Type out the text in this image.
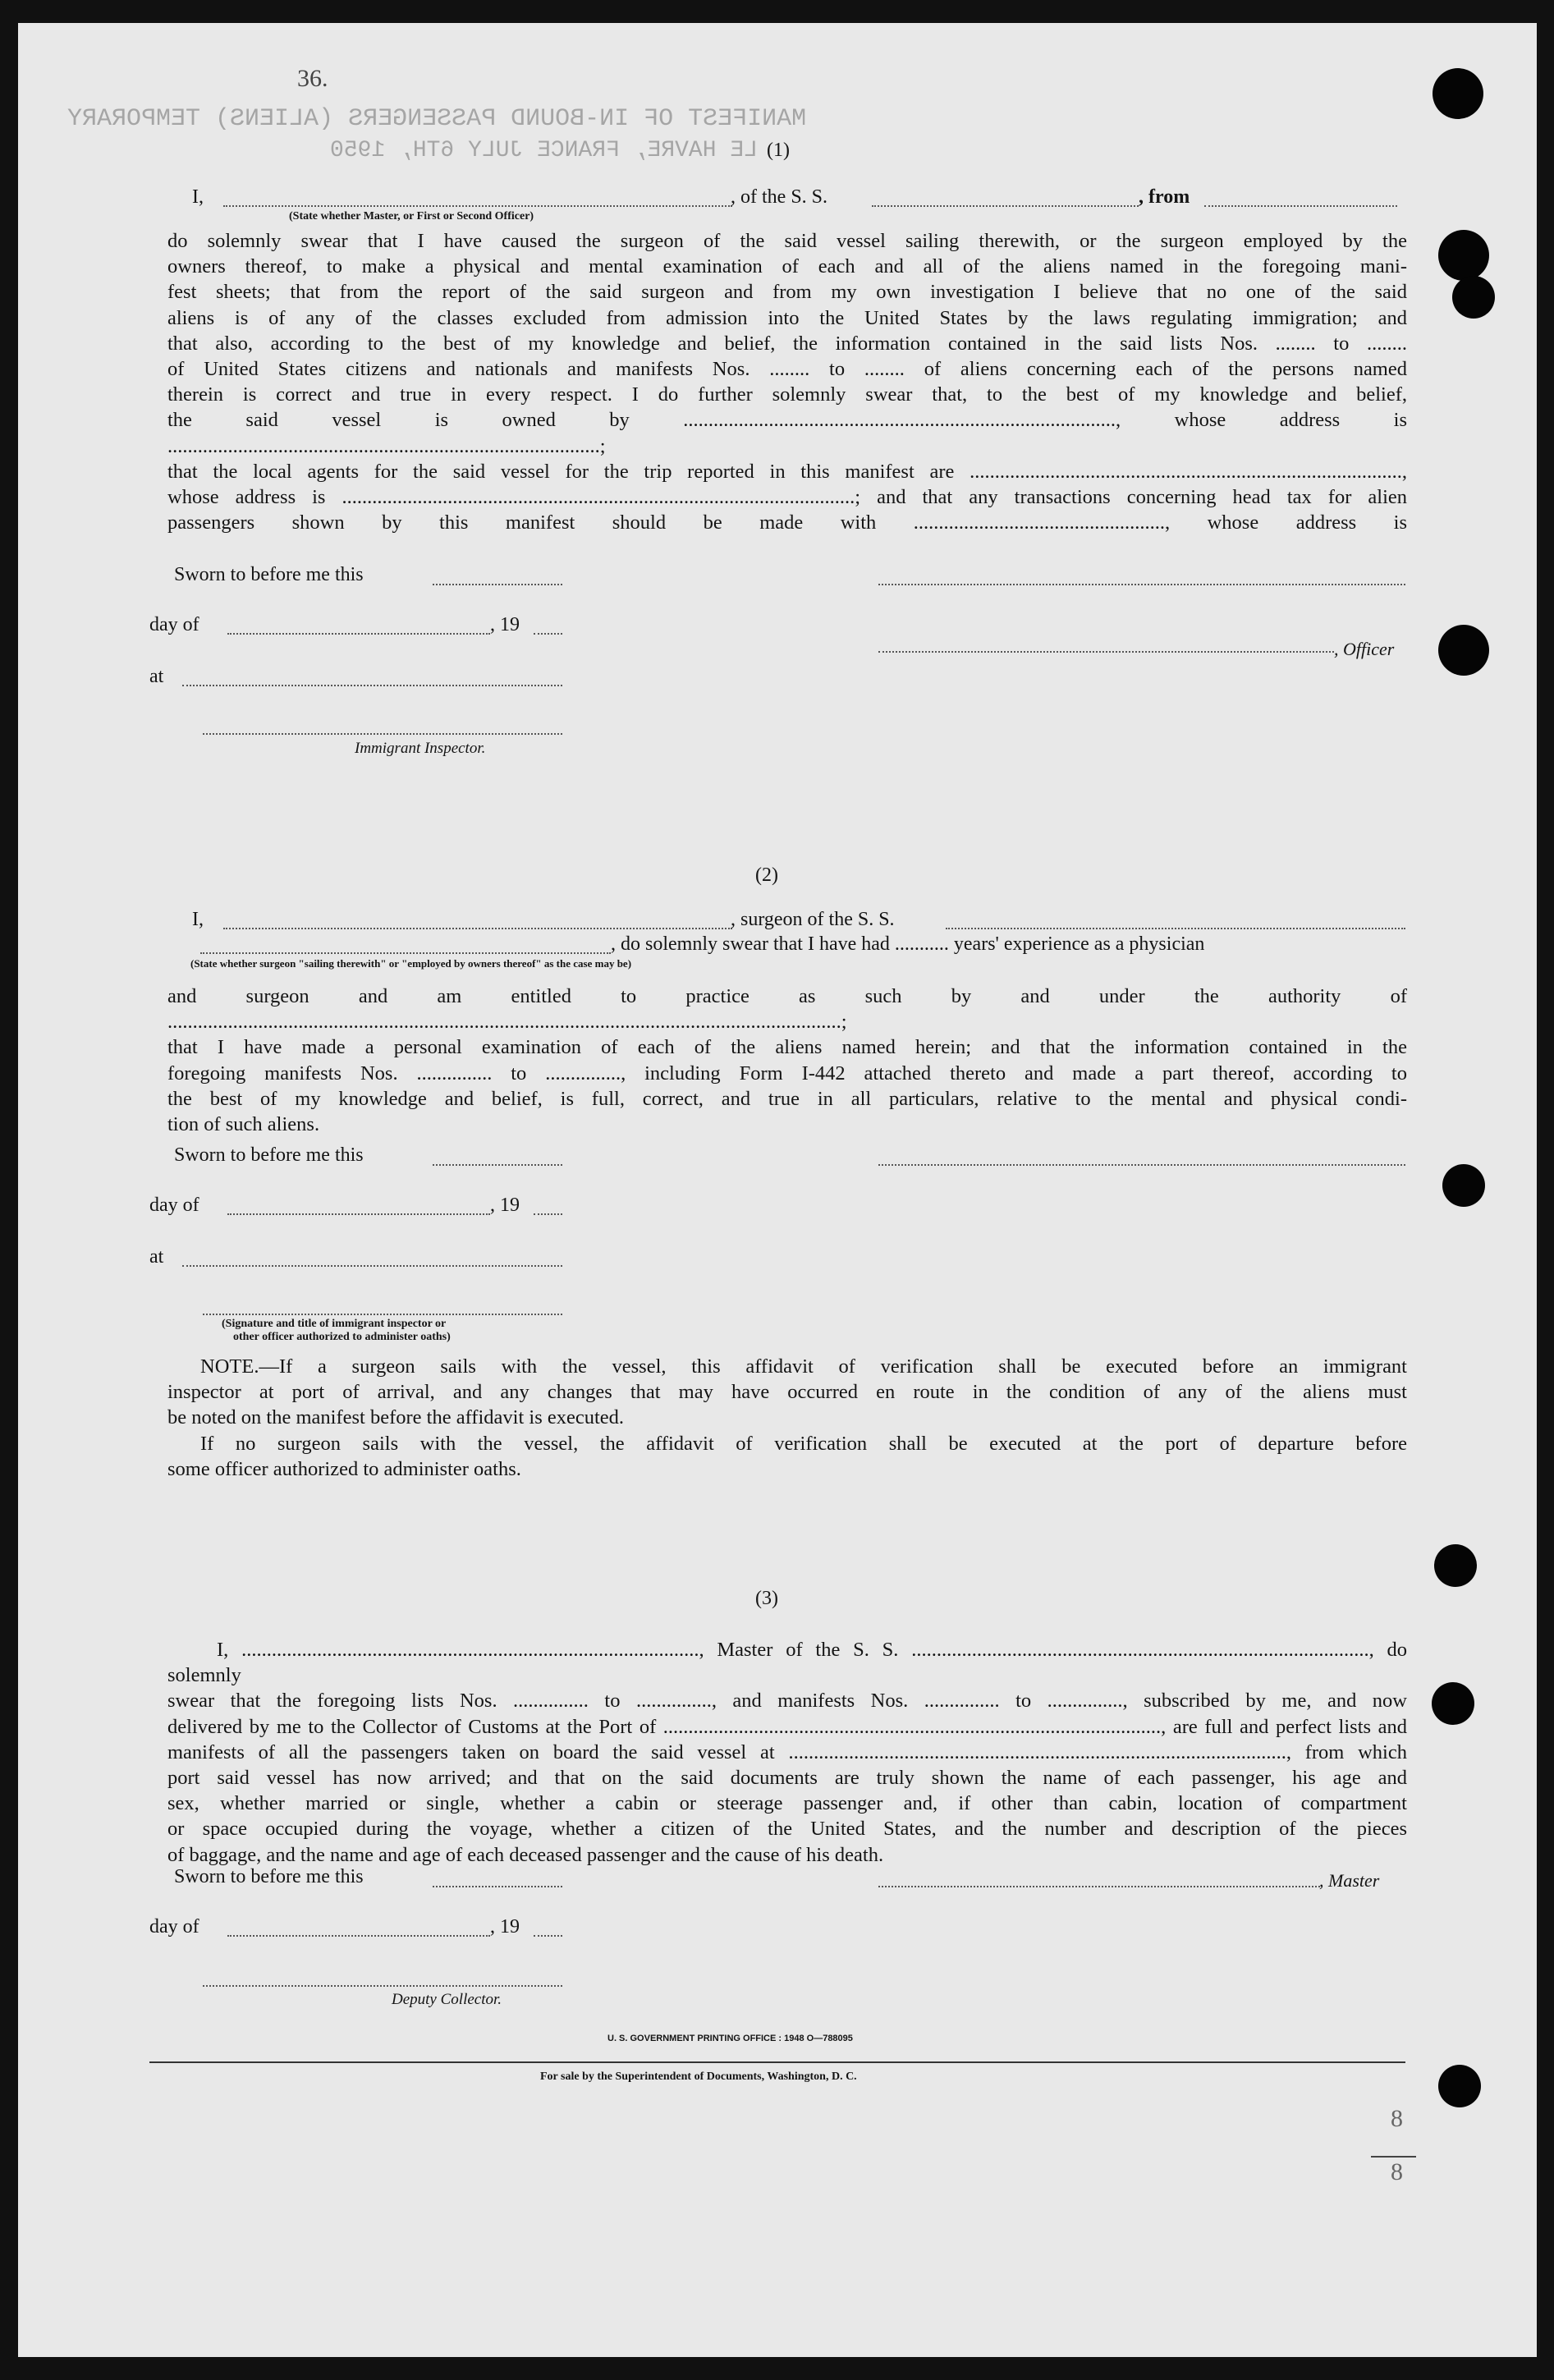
MANIFEST OF IN-BOUND PASSENGERS (ALIENS) TEMPORARY
LE HAVRE, FRANCE JULY 6TH, 1950
36.
(1)
I,	, of the S. S.	, from
(State whether Master, or First or Second Officer)
do solemnly swear that I have caused the surgeon of the said vessel sailing therewith, or the surgeon employed by the
owners thereof, to make a physical and mental examination of each and all of the aliens named in the foregoing mani-
fest sheets; that from the report of the said surgeon and from my own investigation I believe that no one of the said
aliens is of any of the classes excluded from admission into the United States by the laws regulating immigration; and
that also, according to the best of my knowledge and belief, the information contained in the said lists Nos. ........ to ........
of United States citizens and nationals and manifests Nos. ........ to ........ of aliens concerning each of the persons named
therein is correct and true in every respect. I do further solemnly swear that, to the best of my knowledge and belief,
the said vessel is owned by ......................................................................................, whose address is ......................................................................................;
that the local agents for the said vessel for the trip reported in this manifest are ......................................................................................,
whose address is ......................................................................................................; and that any transactions concerning head tax for alien
passengers shown by this manifest should be made with .................................................., whose address is
Sworn to before me this
day of	, 19
, Officer
at
Immigrant Inspector.
(2)
I,	, surgeon of the S. S.
, do solemnly swear that I have had ........... years' experience as a physician
(State whether surgeon "sailing therewith" or "employed by owners thereof" as the case may be)
and surgeon and am entitled to practice as such by and under the authority of ......................................................................................................................................;
that I have made a personal examination of each of the aliens named herein; and that the information contained in the
foregoing manifests Nos. ............... to ..............., including Form I-442 attached thereto and made a part thereof, according to
the best of my knowledge and belief, is full, correct, and true in all particulars, relative to the mental and physical condi-
tion of such aliens.
Sworn to before me this
day of	, 19
at
(Signature and title of immigrant inspector or
other officer authorized to administer oaths)
NOTE.—If a surgeon sails with the vessel, this affidavit of verification shall be executed before an immigrant
inspector at port of arrival, and any changes that may have occurred en route in the condition of any of the aliens must
be noted on the manifest before the affidavit is executed.
If no surgeon sails with the vessel, the affidavit of verification shall be executed at the port of departure before
some officer authorized to administer oaths.
(3)
I, ..........................................................................................., Master of the S. S. ..........................................................................................., do solemnly
swear that the foregoing lists Nos. ............... to ..............., and manifests Nos. ............... to ..............., subscribed by me, and now
delivered by me to the Collector of Customs at the Port of ..................................................................................................., are full and perfect lists and
manifests of all the passengers taken on board the said vessel at ..................................................................................................., from which
port said vessel has now arrived; and that on the said documents are truly shown the name of each passenger, his age and
sex, whether married or single, whether a cabin or steerage passenger and, if other than cabin, location of compartment
or space occupied during the voyage, whether a citizen of the United States, and the number and description of the pieces
of baggage, and the name and age of each deceased passenger and the cause of his death.
Sworn to before me this	, Master
day of	, 19
Deputy Collector.
U. S. GOVERNMENT PRINTING OFFICE : 1948 O—788095
For sale by the Superintendent of Documents, Washington, D. C.
8
8
